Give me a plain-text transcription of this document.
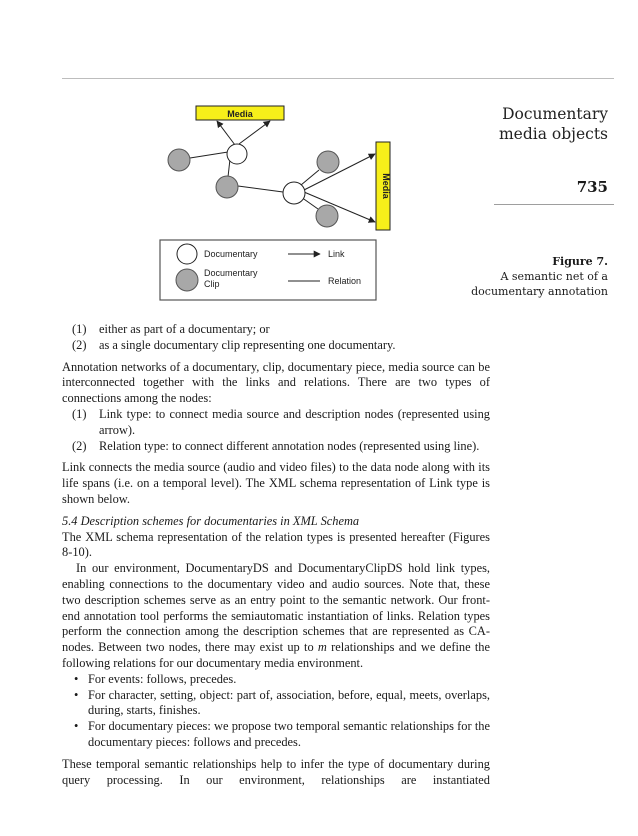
Documentary
media objects
735
Figure 7.
A semantic net of a
documentary annotation
Media
Media
Documentary
Documentary
Clip
Link
Relation
(1) either as part of a documentary; or
(2) as a single documentary clip representing one documentary.

Annotation networks of a documentary, clip, documentary piece, media source can be interconnected together with the links and relations. There are two types of connections among the nodes:

(1) Link type: to connect media source and description nodes (represented using arrow).
(2) Relation type: to connect different annotation nodes (represented using line).

Link connects the media source (audio and video files) to the data node along with its life spans (i.e. on a temporal level). The XML schema representation of Link type is shown below.

5.4 Description schemes for documentaries in XML Schema

The XML schema representation of the relation types is presented hereafter (Figures 8-10).

In our environment, DocumentaryDS and DocumentaryClipDS hold link types, enabling connections to the documentary video and audio sources. Note that, these two description schemes serve as an entry point to the semantic network. Our front-end annotation tool performs the semiautomatic instantiation of links. Relation types perform the connection among the description schemes that are represented as CA-nodes. Between two nodes, there may exist up to m relationships and we define the following relations for our documentary media environment.

• For events: follows, precedes.
• For character, setting, object: part of, association, before, equal, meets, overlaps, during, starts, finishes.
• For documentary pieces: we propose two temporal semantic relationships for the documentary pieces: follows and precedes.

These temporal semantic relationships help to infer the type of documentary during query processing. In our environment, relationships are instantiated
